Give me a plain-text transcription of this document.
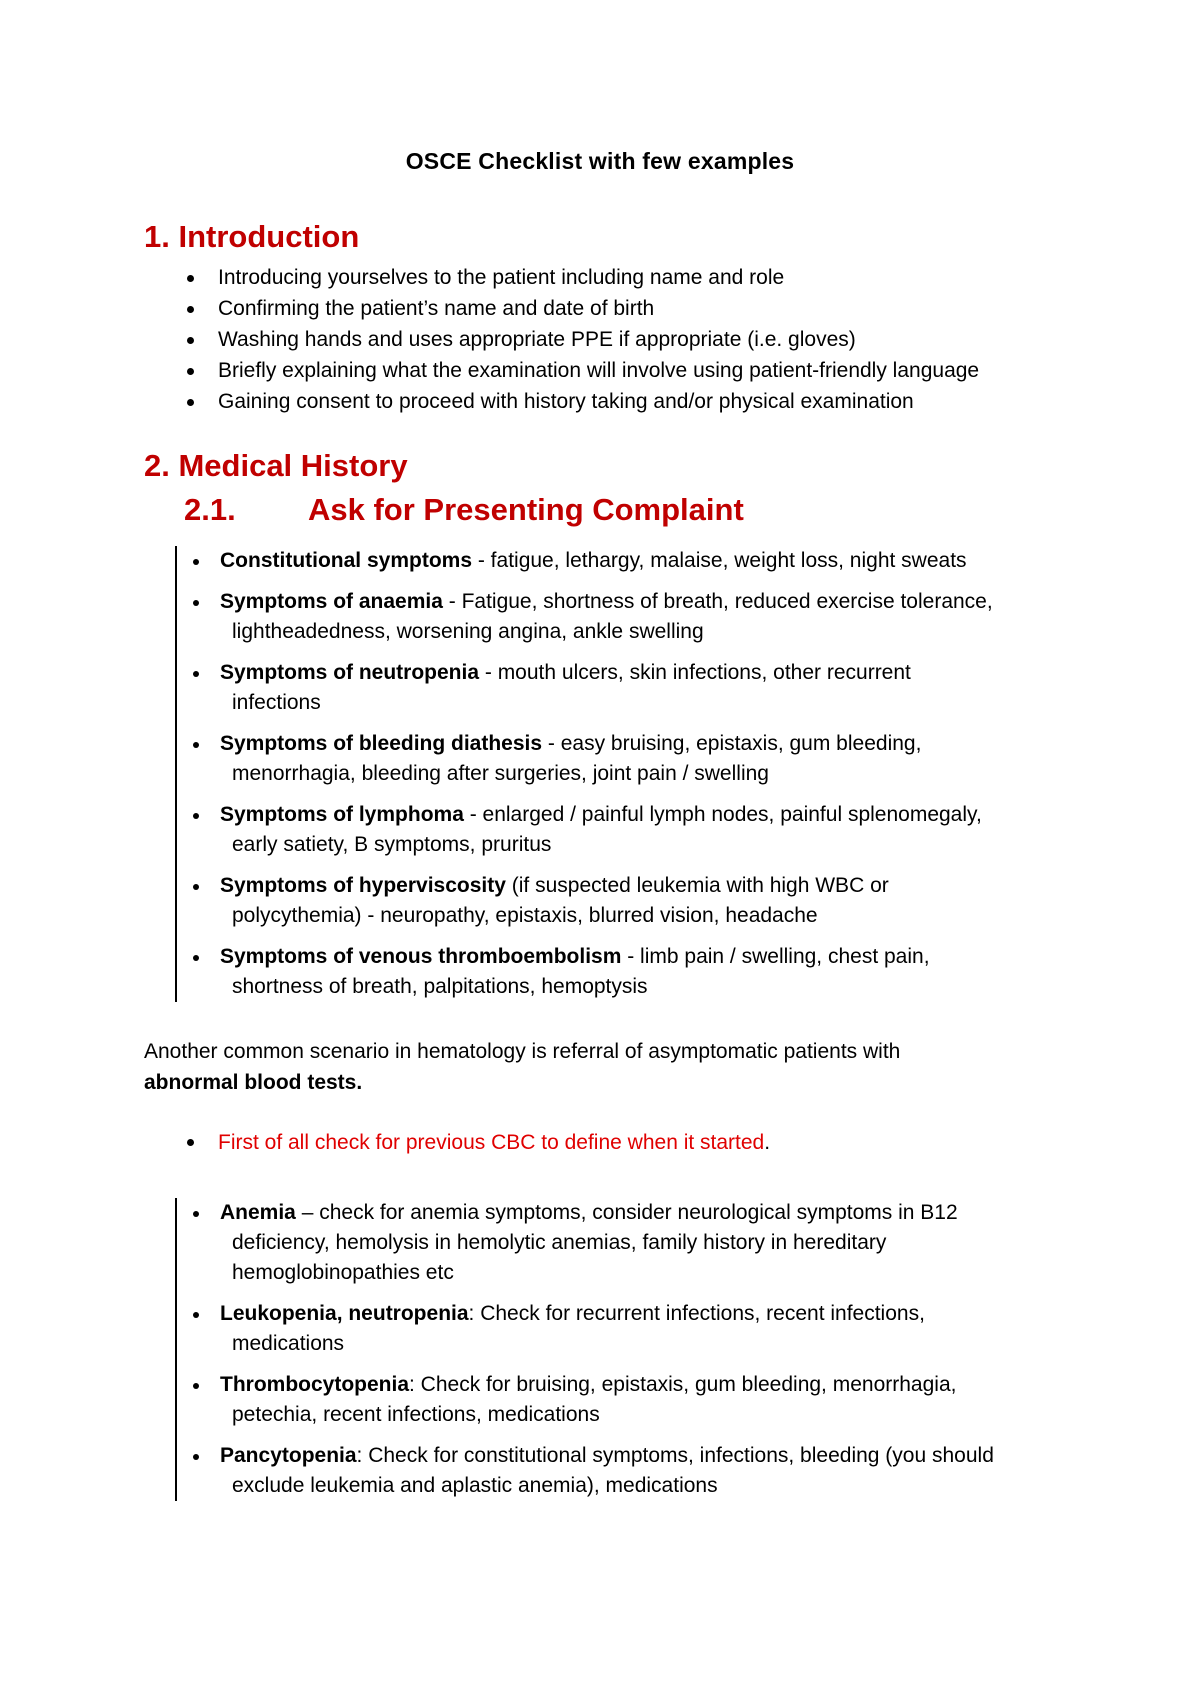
OSCE Checklist with few examples
1. Introduction
Introducing yourselves to the patient including name and role
Confirming the patient’s name and date of birth
Washing hands and uses appropriate PPE if appropriate (i.e. gloves)
Briefly explaining what the examination will involve using patient-friendly language
Gaining consent to proceed with history taking and/or physical examination
2. Medical History
2.1. Ask for Presenting Complaint
Constitutional symptoms - fatigue, lethargy, malaise, weight loss, night sweats
Symptoms of anaemia - Fatigue, shortness of breath, reduced exercise tolerance,
lightheadedness, worsening angina, ankle swelling
Symptoms of neutropenia - mouth ulcers, skin infections, other recurrent
infections
Symptoms of bleeding diathesis - easy bruising, epistaxis, gum bleeding,
menorrhagia, bleeding after surgeries, joint pain / swelling
Symptoms of lymphoma - enlarged / painful lymph nodes, painful splenomegaly,
early satiety, B symptoms, pruritus
Symptoms of hyperviscosity (if suspected leukemia with high WBC or
polycythemia) - neuropathy, epistaxis, blurred vision, headache
Symptoms of venous thromboembolism - limb pain / swelling, chest pain,
shortness of breath, palpitations, hemoptysis
Another common scenario in hematology is referral of asymptomatic patients with
abnormal blood tests.
First of all check for previous CBC to define when it started.
Anemia – check for anemia symptoms, consider neurological symptoms in B12
deficiency, hemolysis in hemolytic anemias, family history in hereditary
hemoglobinopathies etc
Leukopenia, neutropenia: Check for recurrent infections, recent infections,
medications
Thrombocytopenia: Check for bruising, epistaxis, gum bleeding, menorrhagia,
petechia, recent infections, medications
Pancytopenia: Check for constitutional symptoms, infections, bleeding (you should
exclude leukemia and aplastic anemia), medications
